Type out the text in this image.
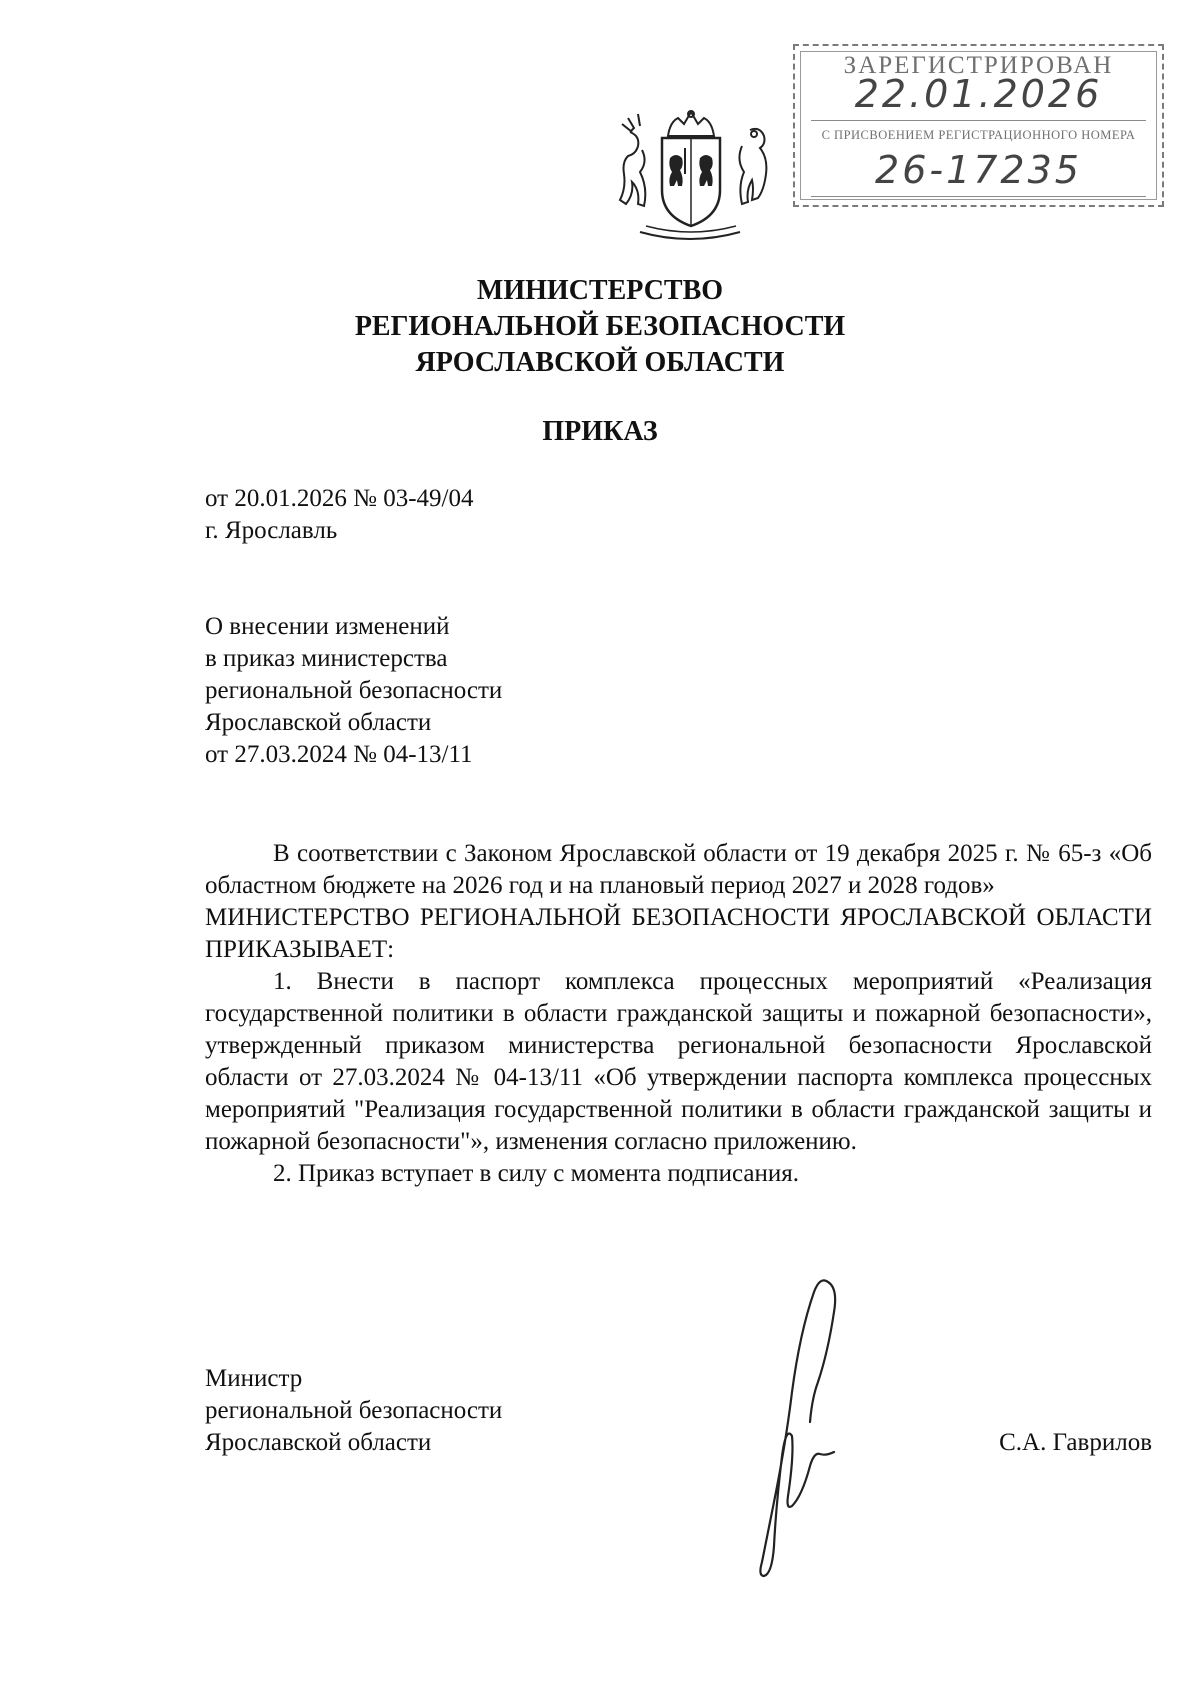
ЗАРЕГИСТРИРОВАН
22.01.2026
С ПРИСВОЕНИЕМ РЕГИСТРАЦИОННОГО НОМЕРА
26-17235
МИНИСТЕРСТВО
РЕГИОНАЛЬНОЙ БЕЗОПАСНОСТИ
ЯРОСЛАВСКОЙ ОБЛАСТИ
ПРИКАЗ
от 20.01.2026 № 03-49/04
г. Ярославль
О внесении изменений
в приказ министерства
региональной безопасности
Ярославской области
от 27.03.2024 № 04-13/11

В соответствии с Законом Ярославской области от 19 декабря 2025 г. № 65-з «Об областном бюджете на 2026 год и на плановый период 2027 и 2028 годов»

МИНИСТЕРСТВО РЕГИОНАЛЬНОЙ БЕЗОПАСНОСТИ ЯРОСЛАВСКОЙ ОБЛАСТИ ПРИКАЗЫВАЕТ:

1. Внести в паспорт комплекса процессных мероприятий «Реализация государственной политики в области гражданской защиты и пожарной безопасности», утвержденный приказом министерства региональной безопасности Ярославской области от 27.03.2024 № 04-13/11 «Об утверждении паспорта комплекса процессных мероприятий "Реализация государственной политики в области гражданской защиты и пожарной безопасности"», изменения согласно приложению.

2. Приказ вступает в силу с момента подписания.

Министр
региональной безопасности
Ярославской области	С.А. Гаврилов
